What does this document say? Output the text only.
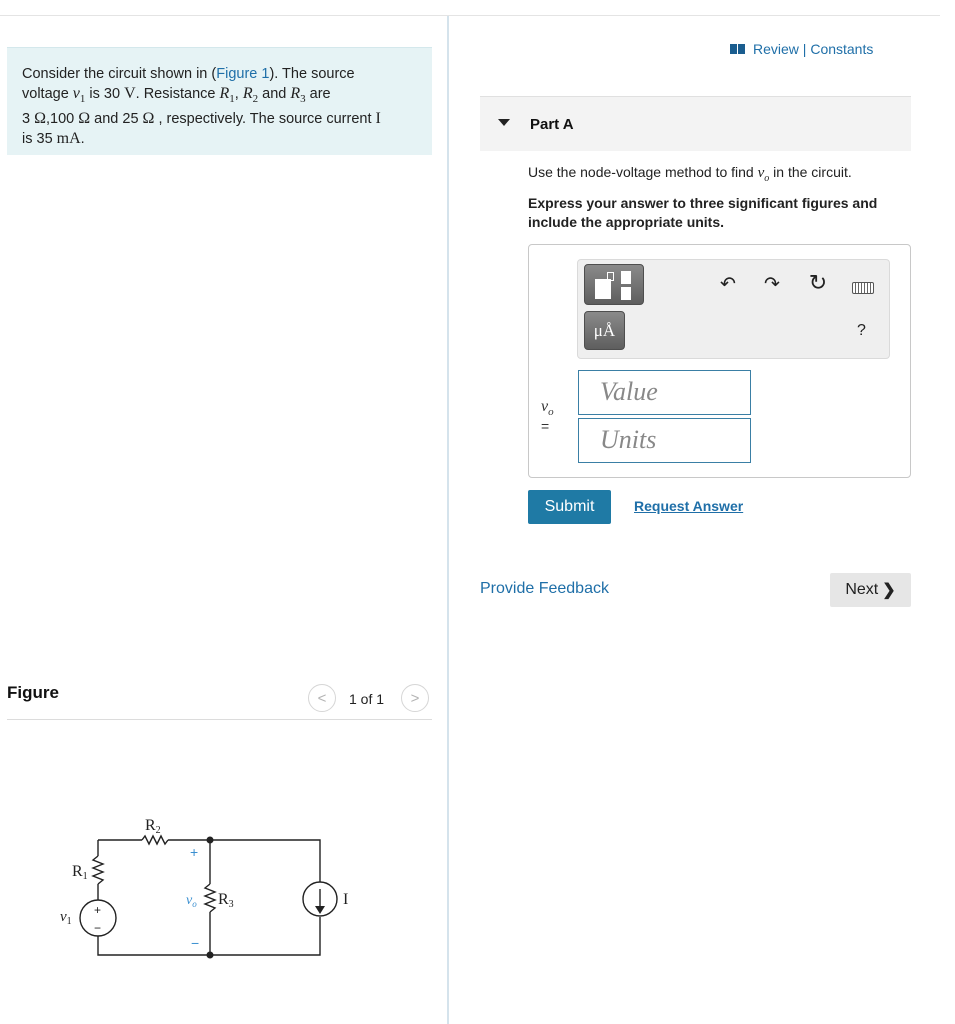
Consider the circuit shown in (Figure 1). The source
voltage $v_1$ is 30 V. Resistance $R_1$, $R_2$ and $R_3$ are
3 Ω,100 Ω and 25 Ω , respectively. The source current I
is 35 mA.
Figure	< 1 of 1 >
R2
R1
R3
$v_1$
$v_o$
+
−
+
−
I
Review | Constants
Part A
Use the node-voltage method to find $v_o$ in the circuit.
Express your answer to three significant figures and include the appropriate units.
μÅ
↶ ↷ ↻
?
$v_o$
=
Value
Units
Submit	Request Answer
Provide Feedback	Next ❯
